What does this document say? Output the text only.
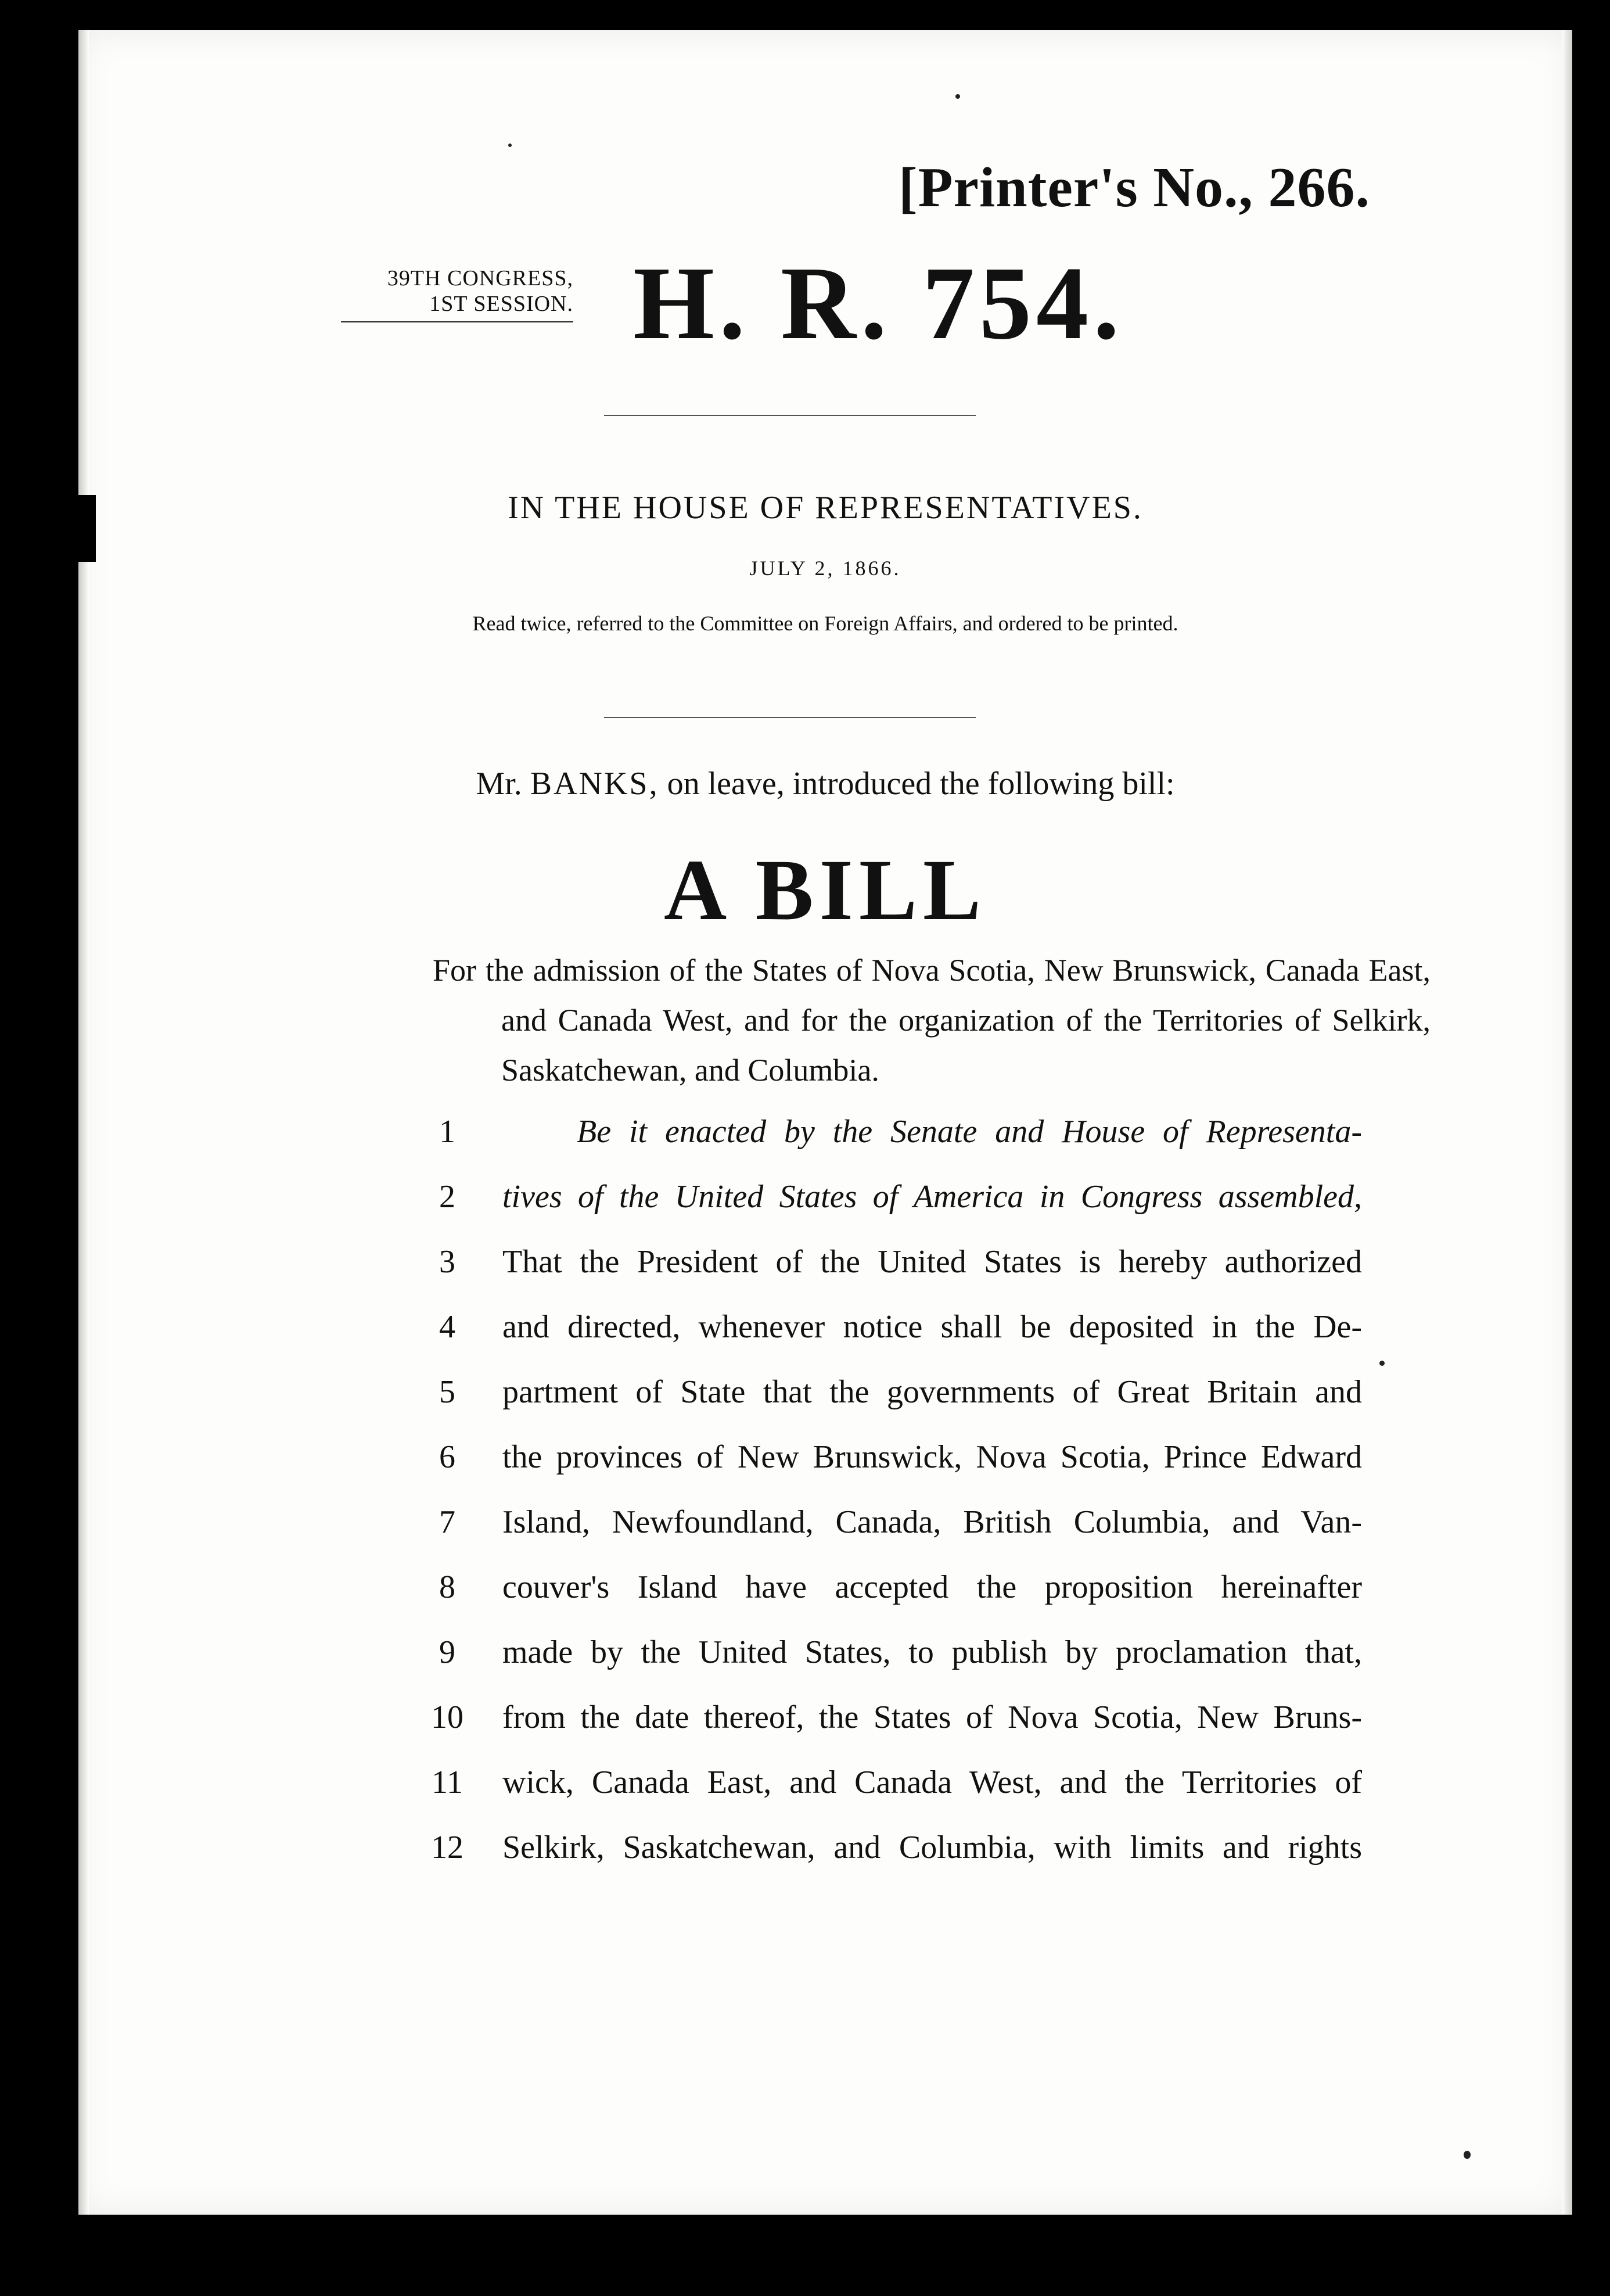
[Printer's No., 266.
39TH CONGRESS,
1ST SESSION. H. R. 754.
IN THE HOUSE OF REPRESENTATIVES.
JULY 2, 1866.
Read twice, referred to the Committee on Foreign Affairs, and ordered to be printed.
Mr. BANKS, on leave, introduced the following bill:
A BILL
For the admission of the States of Nova Scotia, New Brunswick, Canada East, and Canada West, and for the organization of the Territories of Selkirk, Saskatchewan, and Columbia.
1	Be it enacted by the Senate and House of Representa-
2	tives of the United States of America in Congress assembled,
3	That the President of the United States is hereby authorized
4	and directed, whenever notice shall be deposited in the De-
5	partment of State that the governments of Great Britain and
6	the provinces of New Brunswick, Nova Scotia, Prince Edward
7	Island, Newfoundland, Canada, British Columbia, and Van-
8	couver's Island have accepted the proposition hereinafter
9	made by the United States, to publish by proclamation that,
10	from the date thereof, the States of Nova Scotia, New Bruns-
11	wick, Canada East, and Canada West, and the Territories of
12	Selkirk, Saskatchewan, and Columbia, with limits and rights
